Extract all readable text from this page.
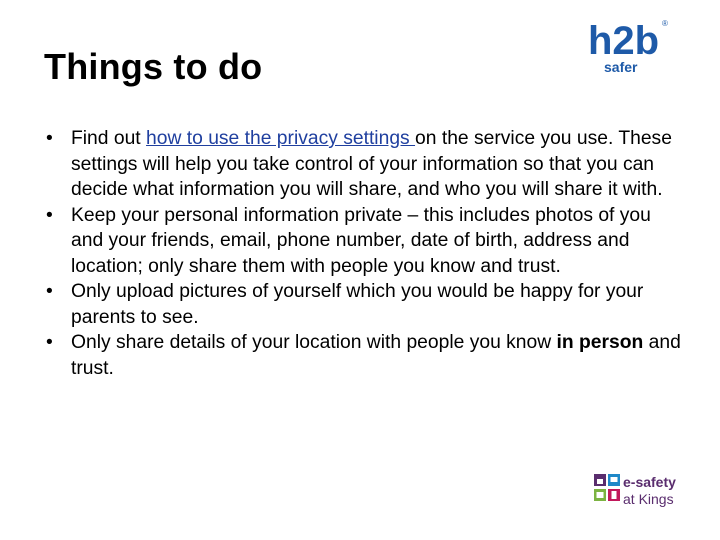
Things to do
h2b ®
safer
• Find out how to use the privacy settings on the service you use. These settings will help you take control of your information so that you can decide what information you will share, and who you will share it with.
• Keep your personal information private – this includes photos of you and your friends, email, phone number, date of birth, address and location; only share them with people you know and trust.
• Only upload pictures of yourself which you would be happy for your parents to see.
• Only share details of your location with people you know in person and trust.
e-safety
at Kings
